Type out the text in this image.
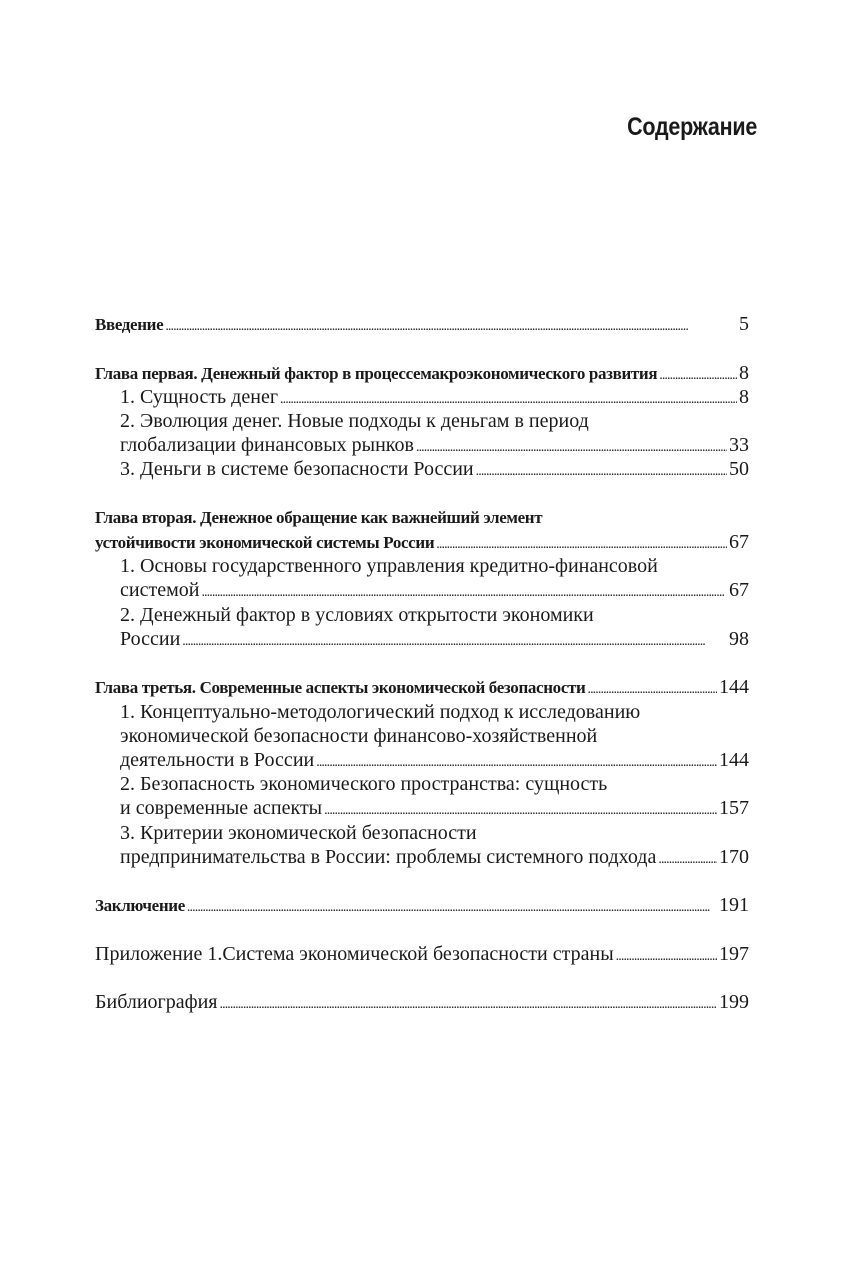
Содержание
Введение . . .	5
Глава первая. Денежный фактор в процессемакроэкономического развития . . .	8
1. Сущность денег . . .	8
2. Эволюция денег. Новые подходы к деньгам в период
глобализации финансовых рынков . . .	33
3. Деньги в системе безопасности России . . .	50
Глава вторая. Денежное обращение как важнейший элемент
устойчивости экономической системы России . . .	67
1. Основы государственного управления кредитно-финансовой
системой . . .	67
2. Денежный фактор в условиях открытости экономики
России . . .	98
Глава третья. Современные аспекты экономической безопасности . . .	144
1. Концептуально-методологический подход к исследованию
экономической безопасности финансово-хозяйственной
деятельности в России . . .	144
2. Безопасность экономического пространства: сущность
и современные аспекты . . .	157
3. Критерии экономической безопасности
предпринимательства в России: проблемы системного подхода . . .	170
Заключение . . .	191
Приложение 1.Система экономической безопасности страны . . .	197
Библиография . . .	199
